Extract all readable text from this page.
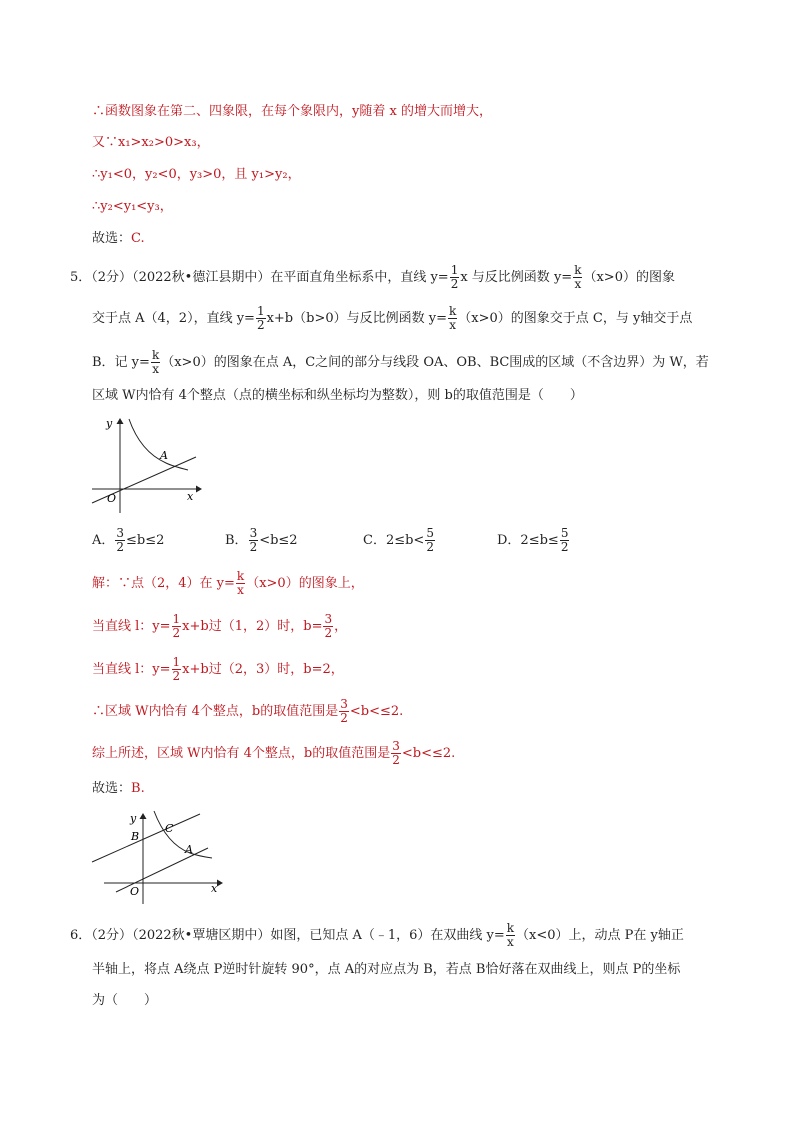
∴函数图象在第二、四象限，在每个象限内，y随着 x 的增大而增大，
又∵x₁>x₂>0>x₃，
∴y₁<0，y₂<0，y₃>0，且 y₁>y₂，
∴y₂<y₁<y₃，
故选：C.
5．（2分）（2022秋•德江县期中）在平面直角坐标系中，直线 $y= \frac{1}{2}$ x 与反比例函数 $y= \frac{k}{x} (x>0)$的图象
交于点 A（4，2），直线 $y= \frac{1}{2} x+b(b>0)$与反比例函数 $y= \frac{k}{x} (x>0)$的图象交于点 C，与 y轴交于点
B．记 $y= \frac{k}{x} (x>0)$的图象在点 A，C之间的部分与线段 OA、OB、BC围成的区域（不含边界）为 W，若
区域 W内恰有 4个整点（点的横坐标和纵坐标均为整数），则 b的取值范围是（　　）
y
x
O
A
A． $\frac{3}{2} \le b\le 2$	B． $\frac{3}{2} <b\le 2$	C．$2\le b< \frac{5}{2}$	D．$2\le b\le \frac{5}{2}$
解：∵点（2，4）在 $y= \frac{k}{x} (x>0)$的图象上，
当直线 l：$y= \frac{1}{2} x+b$过（1，2）时，$b= \frac{3}{2}$ ，
当直线 l：$y= \frac{1}{2} x+b$过（2，3）时，b=2，
∴区域 W内恰有 4个整点，b的取值范围是 $\frac{3}{2} <b<\le 2$.
综上所述，区域 W内恰有 4个整点，b的取值范围是 $\frac{3}{2} <b<\le 2$.
故选：B.
y
x
O
B
C
A
6．（2分）（2022秋•覃塘区期中）如图，已知点 A（﹣1，6）在双曲线 $y= \frac{k}{x} (x<0)$上，动点 P在 y轴正
半轴上，将点 A绕点 P逆时针旋转 90°，点 A的对应点为 B，若点 B恰好落在双曲线上，则点 P的坐标
为（　　）
